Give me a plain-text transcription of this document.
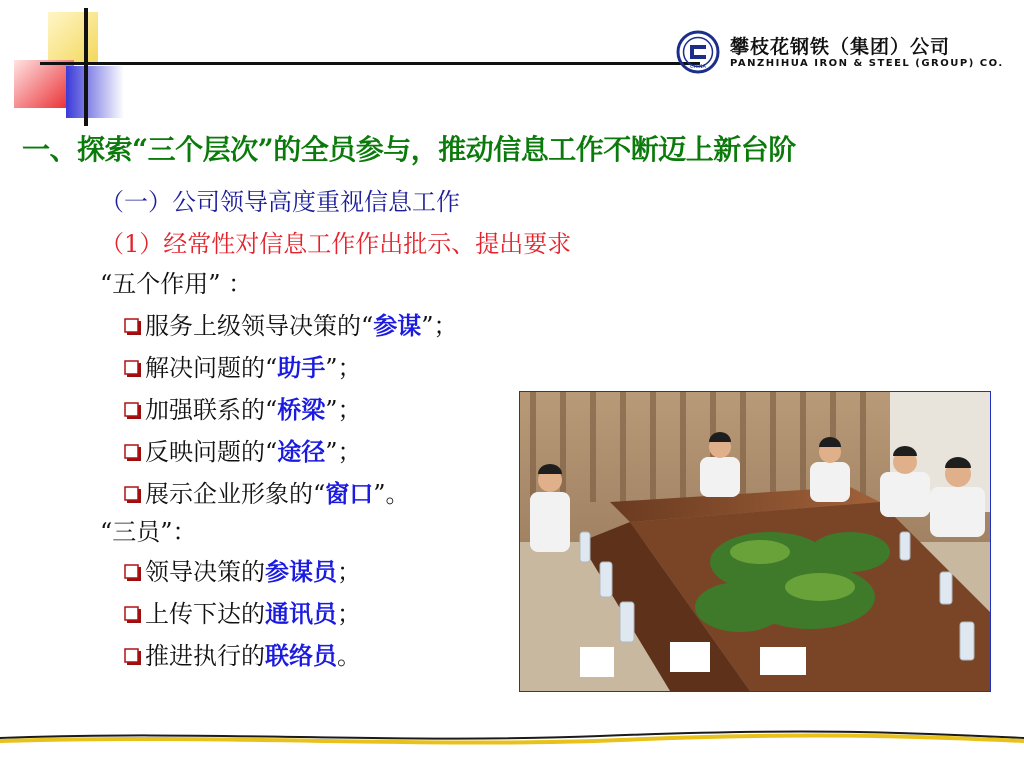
CHINA
攀枝花钢铁（集团）公司
PANZHIHUA IRON & STEEL (GROUP) CO.
一、探索“三个层次”的全员参与，推动信息工作不断迈上新台阶
（一）公司领导高度重视信息工作
（1）经常性对信息工作作出批示、提出要求
“五个作用” ：
服务上级领导决策的“参谋”；
解决问题的“助手”；
加强联系的“桥梁”；
反映问题的“途径”；
展示企业形象的“窗口”。
“三员”：
领导决策的参谋员；
上传下达的通讯员；
推进执行的联络员。
